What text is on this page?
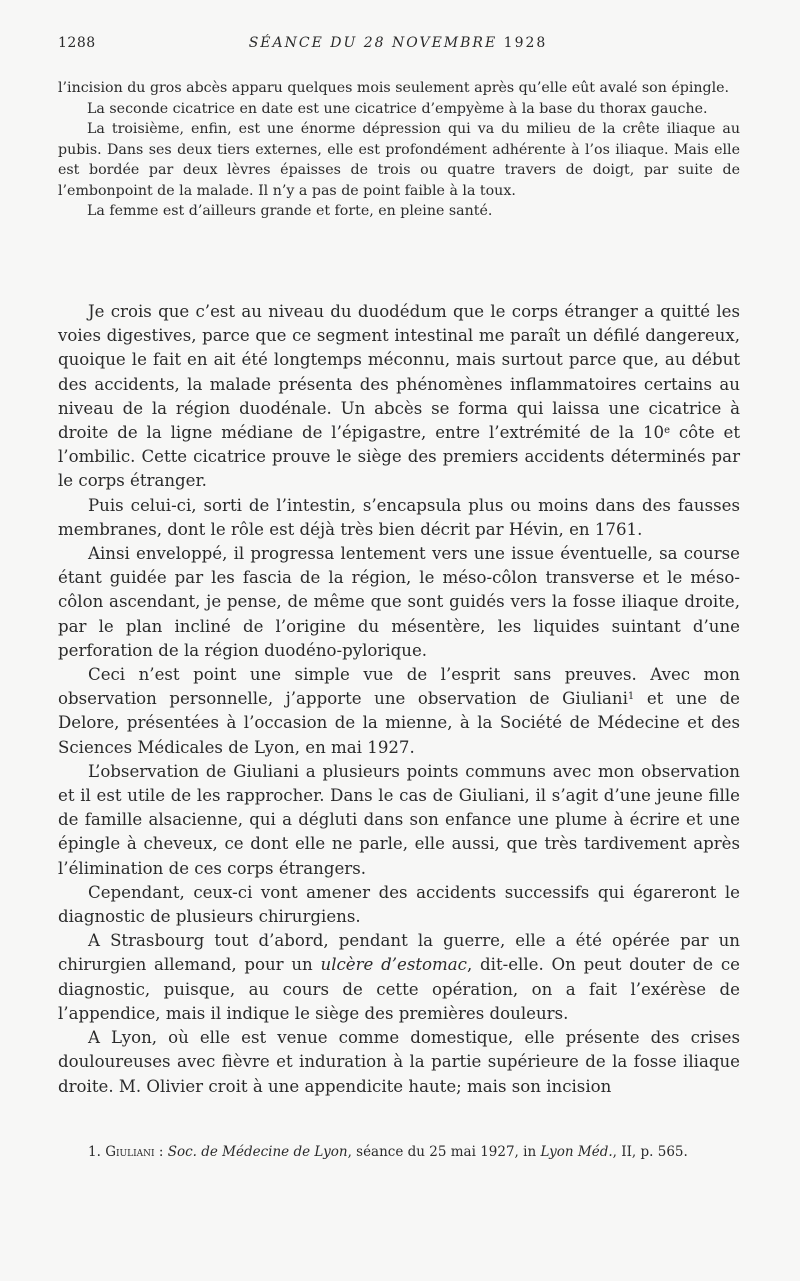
1288	SÉANCE DU 28 NOVEMBRE 1928

l’incision du gros abcès apparu quelques mois seulement après qu’elle eût avalé son épingle.

La seconde cicatrice en date est une cicatrice d’empyème à la base du thorax gauche.

La troisième, enfin, est une énorme dépression qui va du milieu de la crête iliaque au pubis. Dans ses deux tiers externes, elle est profondément adhérente à l’os iliaque. Mais elle est bordée par deux lèvres épaisses de trois ou quatre travers de doigt, par suite de l’embonpoint de la malade. Il n’y a pas de point faible à la toux.

La femme est d’ailleurs grande et forte, en pleine santé.

Je crois que c’est au niveau du duodédum que le corps étranger a quitté les voies digestives, parce que ce segment intestinal me paraît un défilé dangereux, quoique le fait en ait été longtemps méconnu, mais surtout parce que, au début des accidents, la malade présenta des phénomènes inflammatoires certains au niveau de la région duodénale. Un abcès se forma qui laissa une cicatrice à droite de la ligne médiane de l’épigastre, entre l’extrémité de la 10e côte et l’ombilic. Cette cicatrice prouve le siège des premiers accidents déterminés par le corps étranger.

Puis celui-ci, sorti de l’intestin, s’encapsula plus ou moins dans des fausses membranes, dont le rôle est déjà très bien décrit par Hévin, en 1761.

Ainsi enveloppé, il progressa lentement vers une issue éventuelle, sa course étant guidée par les fascia de la région, le méso-côlon transverse et le méso-côlon ascendant, je pense, de même que sont guidés vers la fosse iliaque droite, par le plan incliné de l’origine du mésentère, les liquides suintant d’une perforation de la région duodéno-pylorique.

Ceci n’est point une simple vue de l’esprit sans preuves. Avec mon observation personnelle, j’apporte une observation de Giuliani$^1$ et une de Delore, présentées à l’occasion de la mienne, à la Société de Médecine et des Sciences Médicales de Lyon, en mai 1927.

L’observation de Giuliani a plusieurs points communs avec mon observation et il est utile de les rapprocher. Dans le cas de Giuliani, il s’agit d’une jeune fille de famille alsacienne, qui a dégluti dans son enfance une plume à écrire et une épingle à cheveux, ce dont elle ne parle, elle aussi, que très tardivement après l’élimination de ces corps étrangers.

Cependant, ceux-ci vont amener des accidents successifs qui égareront le diagnostic de plusieurs chirurgiens.

A Strasbourg tout d’abord, pendant la guerre, elle a été opérée par un chirurgien allemand, pour un ulcère d’estomac, dit-elle. On peut douter de ce diagnostic, puisque, au cours de cette opération, on a fait l’exérèse de l’appendice, mais il indique le siège des premières douleurs.

A Lyon, où elle est venue comme domestique, elle présente des crises douloureuses avec fièvre et induration à la partie supérieure de la fosse iliaque droite. M. Olivier croit à une appendicite haute; mais son incision

1. Giuliani : Soc. de Médecine de Lyon, séance du 25 mai 1927, in Lyon Méd., II, p. 565.
